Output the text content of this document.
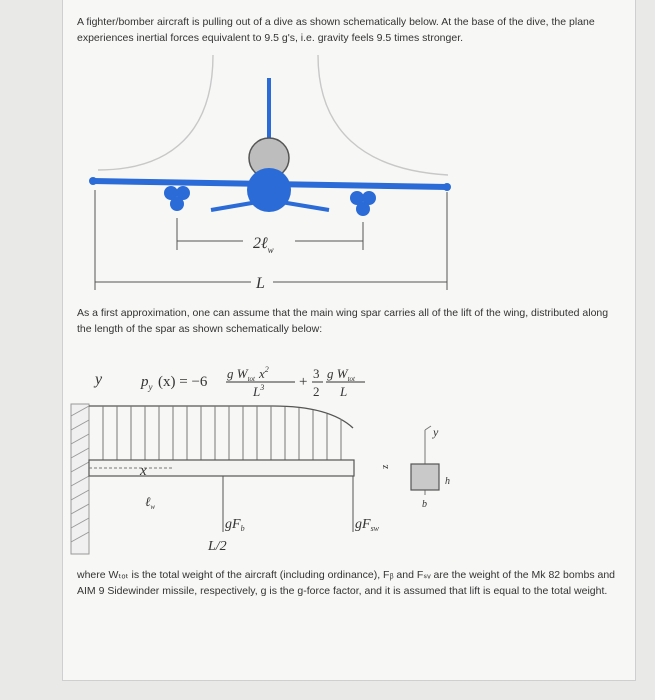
A fighter/bomber aircraft is pulling out of a dive as shown schematically below. At the base of the dive, the plane experiences inertial forces equivalent to 9.5 g's, i.e. gravity feels 9.5 times stronger.

2ℓ$_w$
L

As a first approximation, one can assume that the main wing spar carries all of the lift of the wing, distributed along the length of the spar as shown schematically below:

y	$p_y$ (x) = −6
g $W_{tot}$ $x^2$
$L^3$ +
3
2
g $W_{tot}$
L
x
ℓ$_w$
$gF_b$
L/2
$gF_{sw}$
z
y
h
b

where Wₜₒₜ is the total weight of the aircraft (including ordinance), Fᵦ and Fₛᵥ are the weight of the Mk 82 bombs and AIM 9 Sidewinder missile, respectively, g is the g-force factor, and it is assumed that lift is equal to the total weight.
